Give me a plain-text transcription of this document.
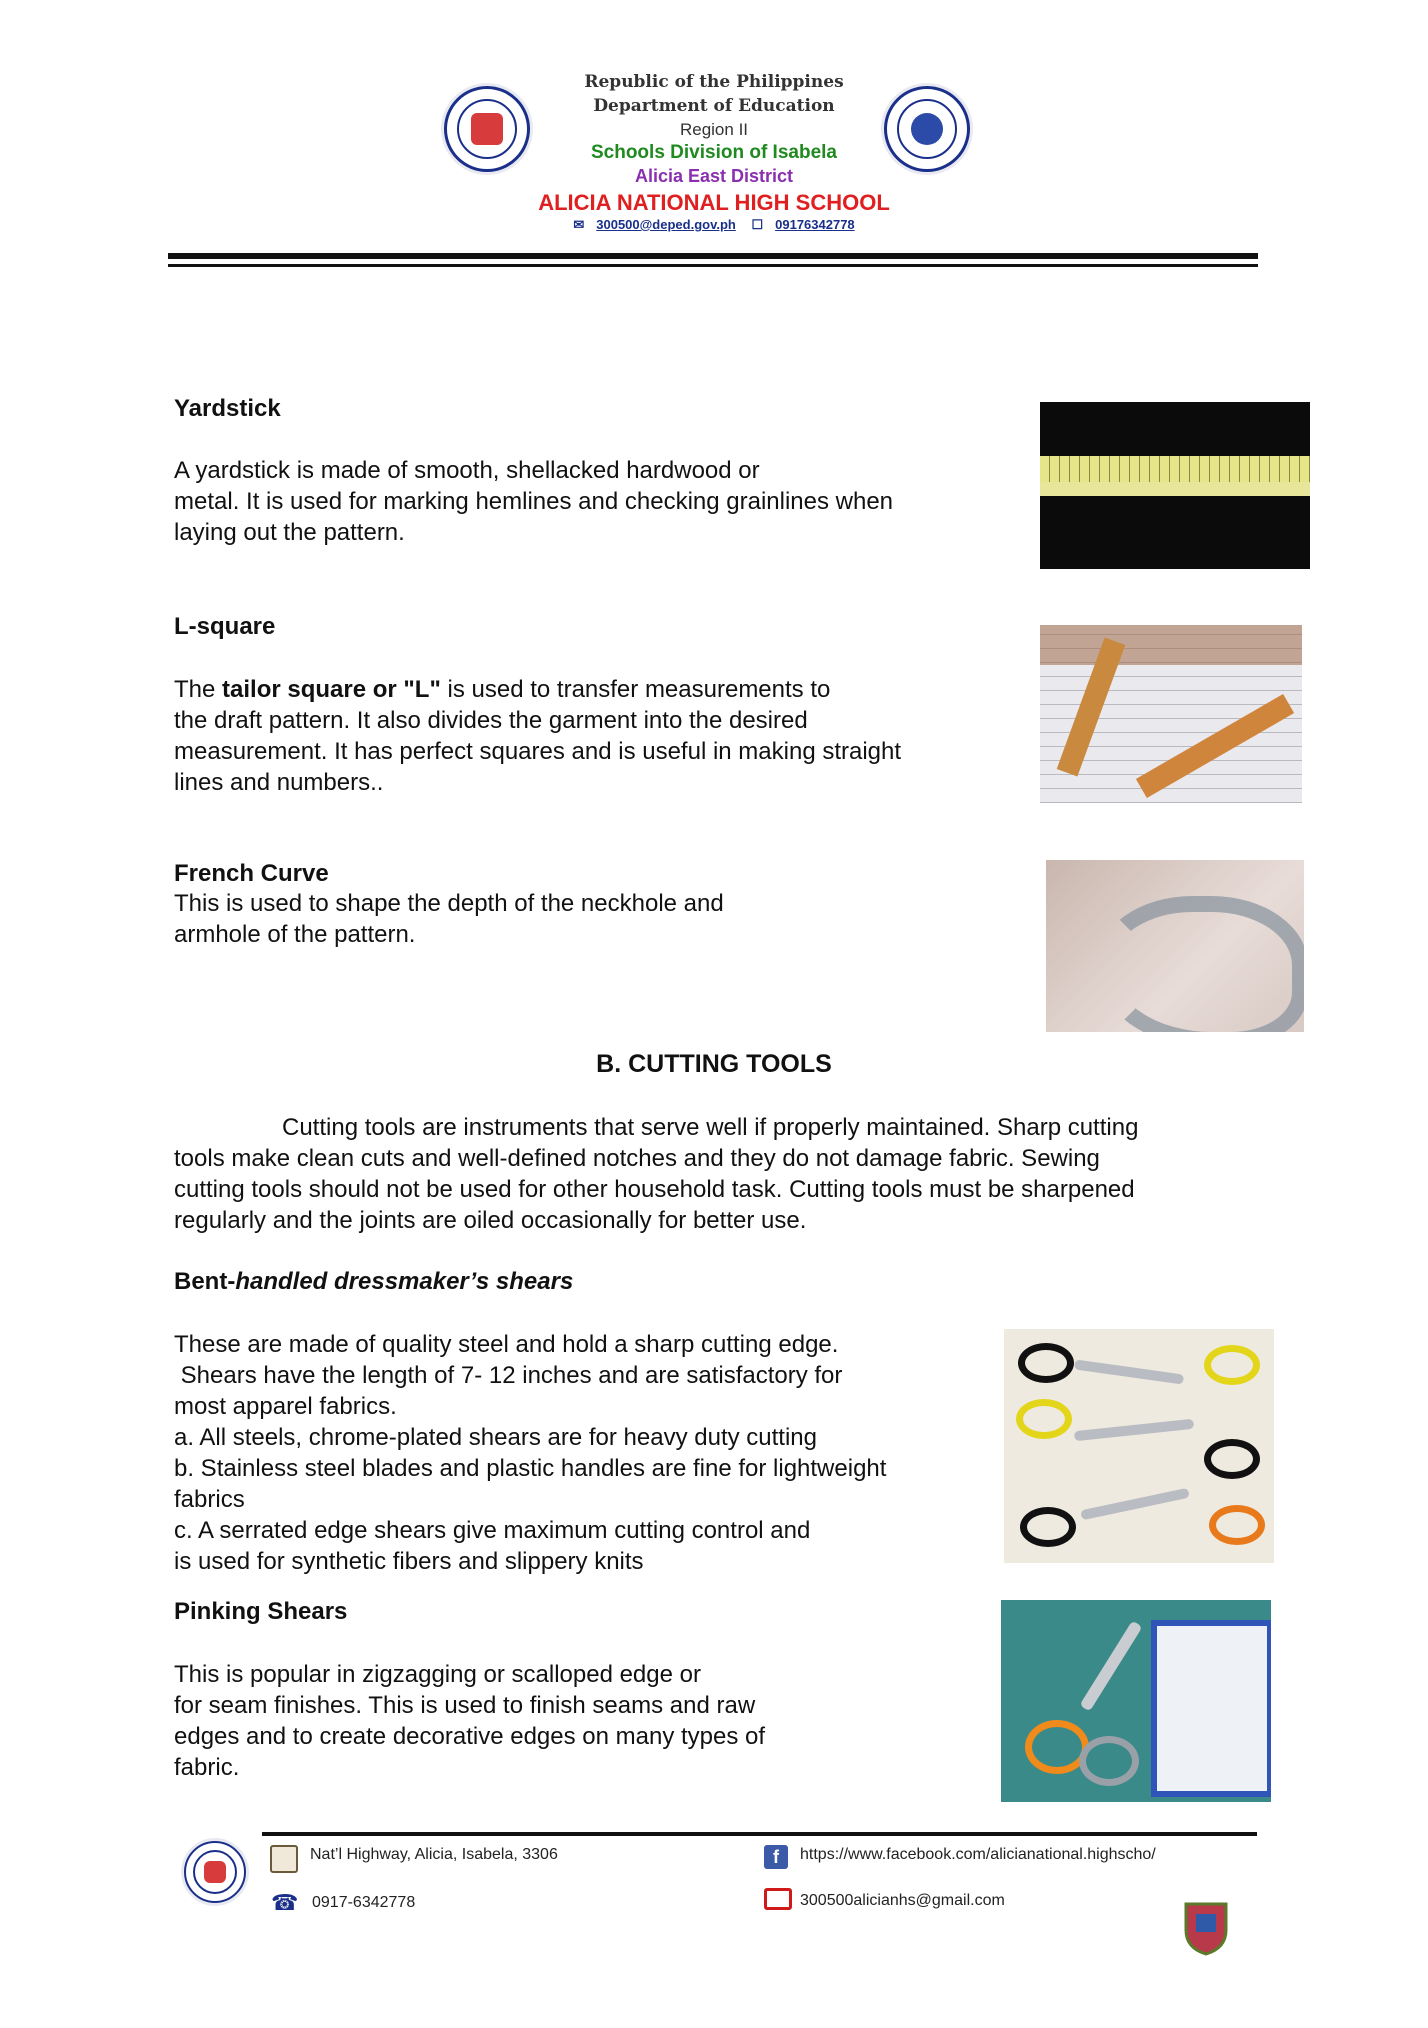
Republic of the Philippines
Department of Education
Region II
Schools Division of Isabela
Alicia East District
ALICIA NATIONAL HIGH SCHOOL
✉ 300500@deped.gov.ph ☐ 09176342778
Yardstick

A yardstick is made of smooth, shellacked hardwood or

metal. It is used for marking hemlines and checking grainlines when

laying out the pattern.

L-square

The tailor square or "L" is used to transfer measurements to

the draft pattern. It also divides the garment into the desired

measurement. It has perfect squares and is useful in making straight

lines and numbers..

French Curve

This is used to shape the depth of the neckhole and

armhole of the pattern.

B. CUTTING TOOLS

Cutting tools are instruments that serve well if properly maintained. Sharp cutting

tools make clean cuts and well-defined notches and they do not damage fabric. Sewing

cutting tools should not be used for other household task. Cutting tools must be sharpened

regularly and the joints are oiled occasionally for better use.

Bent-handled dressmaker’s shears

These are made of quality steel and hold a sharp cutting edge.

Shears have the length of 7- 12 inches and are satisfactory for

most apparel fabrics.

a. All steels, chrome-plated shears are for heavy duty cutting

b. Stainless steel blades and plastic handles are fine for lightweight

fabrics

c. A serrated edge shears give maximum cutting control and

is used for synthetic fibers and slippery knits

Pinking Shears

This is popular in zigzagging or scalloped edge or

for seam finishes. This is used to finish seams and raw

edges and to create decorative edges on many types of

fabric.

Nat’l Highway, Alicia, Isabela, 3306
☎ 0917-6342778
f	https://www.facebook.com/alicianational.highscho/
300500alicianhs@gmail.com
